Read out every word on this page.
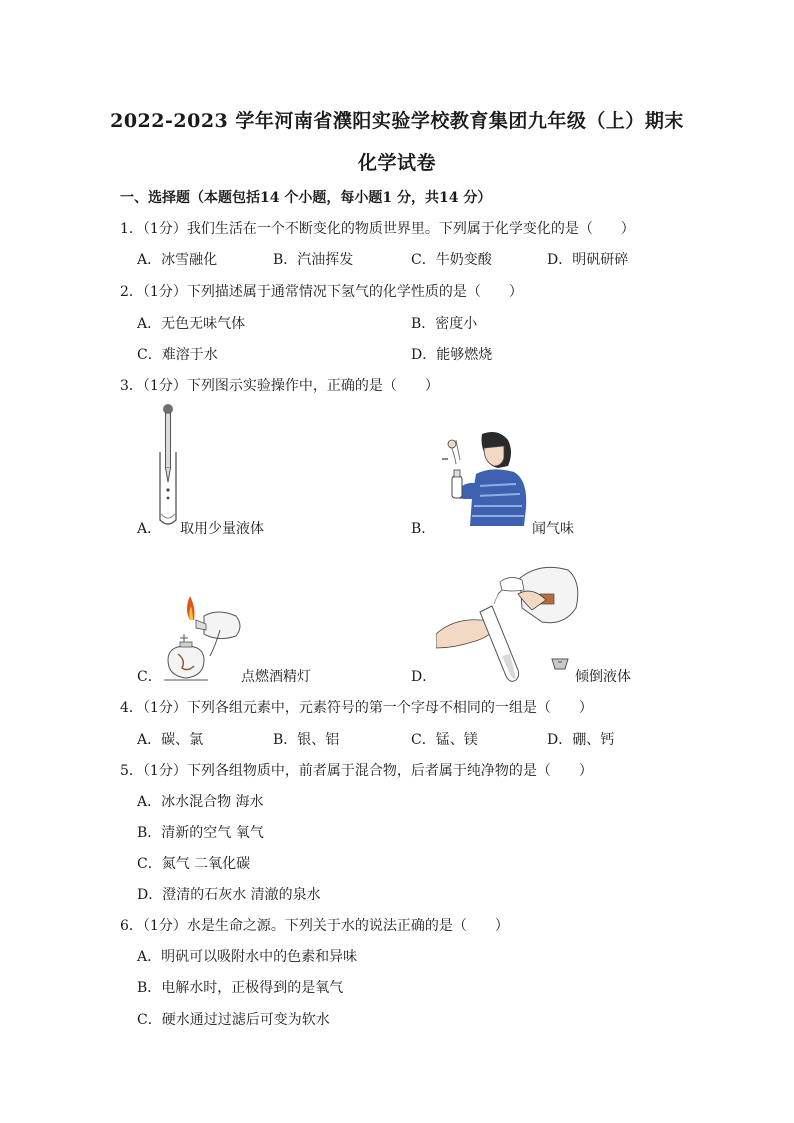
2022-2023 学年河南省濮阳实验学校教育集团九年级（上）期末
化学试卷
一、选择题（本题包括14 个小题，每小题1 分，共14 分）
1．（1分）我们生活在一个不断变化的物质世界里。下列属于化学变化的是（　　）
A．冰雪融化	B．汽油挥发	C．牛奶变酸	D．明矾研碎
2．（1分）下列描述属于通常情况下氢气的化学性质的是（　　）
A．无色无味气体	B．密度小
C．难溶于水	D．能够燃烧
3．（1分）下列图示实验操作中，正确的是（　　）
A． 取用少量液体	B．	闻气味
C．	点燃酒精灯	D．	倾倒液体
4．（1分）下列各组元素中，元素符号的第一个字母不相同的一组是（　　）
A．碳、氯	B．银、铝	C．锰、镁	D．硼、钙
5．（1分）下列各组物质中，前者属于混合物，后者属于纯净物的是（　　）
A．冰水混合物 海水
B．清新的空气 氧气
C．氮气 二氧化碳
D．澄清的石灰水 清澈的泉水
6．（1分）水是生命之源。下列关于水的说法正确的是（　　）
A．明矾可以吸附水中的色素和异味
B．电解水时，正极得到的是氧气
C．硬水通过过滤后可变为软水
